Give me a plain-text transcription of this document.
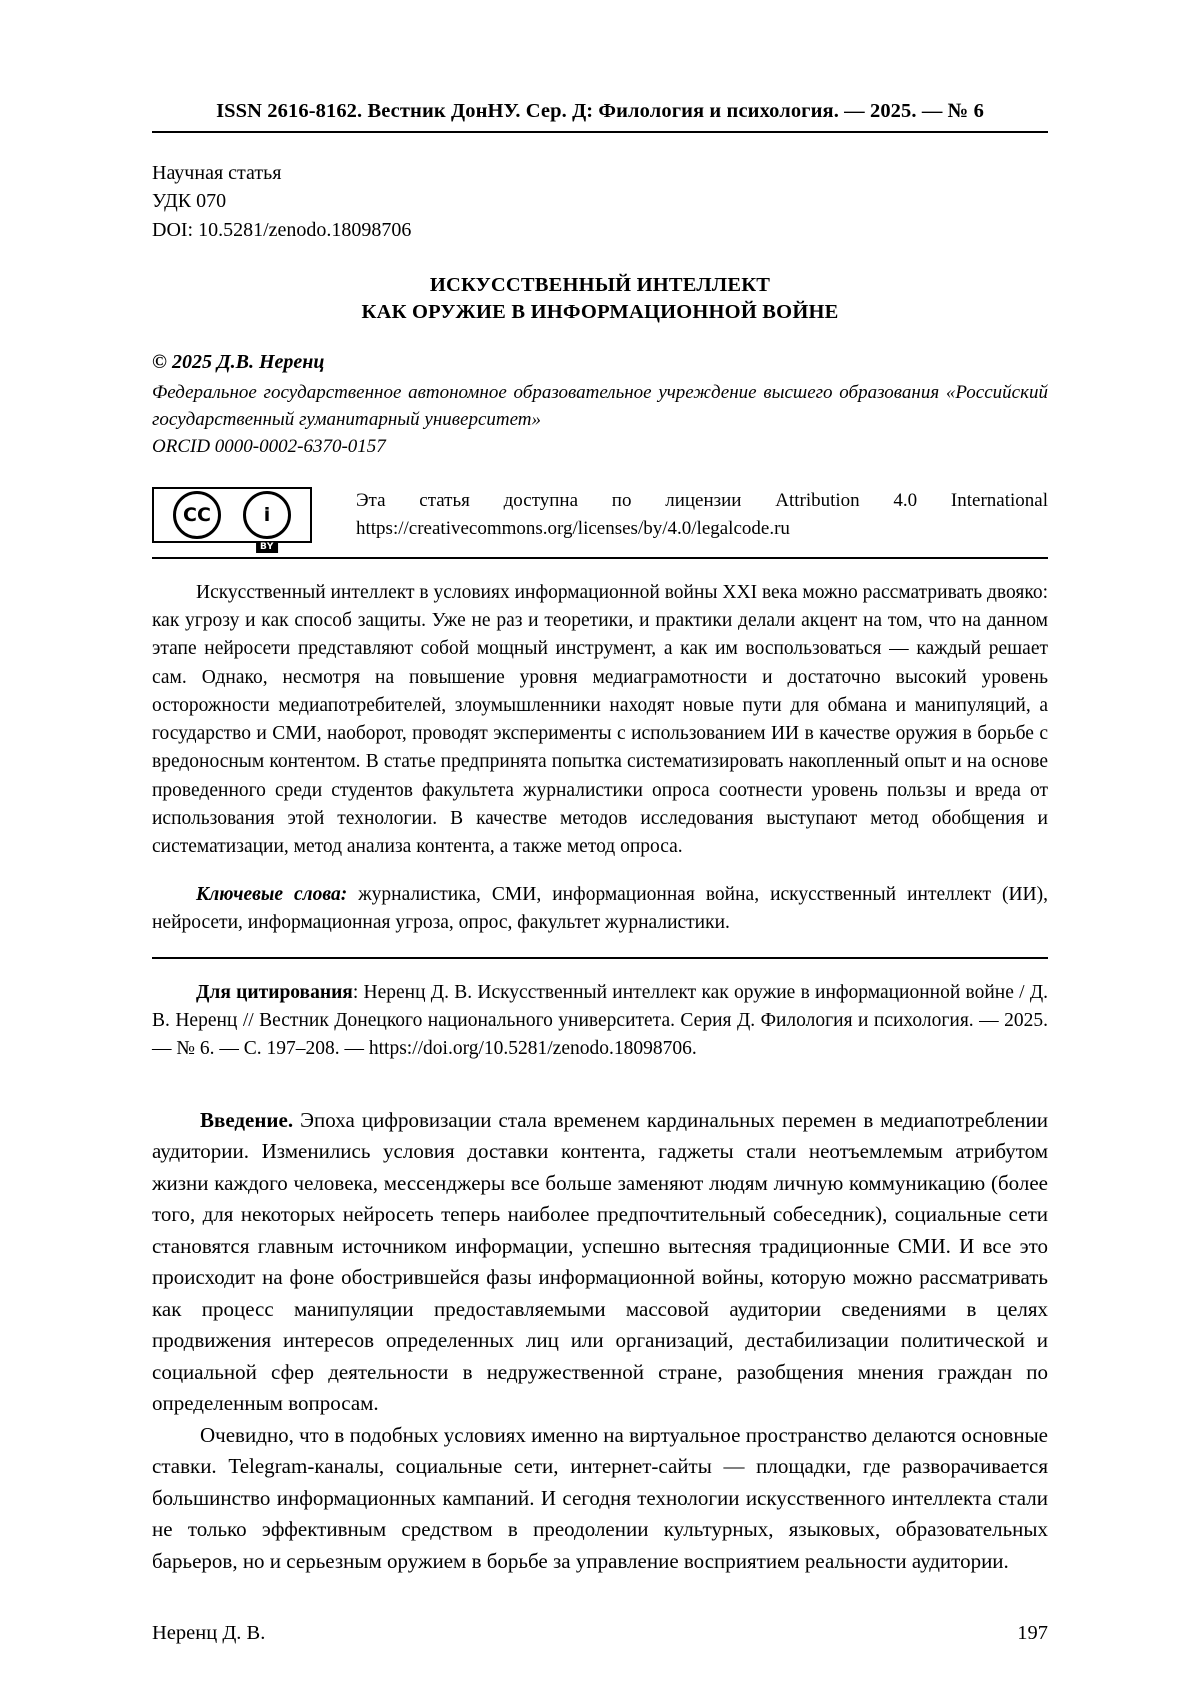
ISSN 2616-8162. Вестник ДонНУ. Сер. Д: Филология и психология. — 2025. — № 6
Научная статья
УДК 070
DOI: 10.5281/zenodo.18098706
ИСКУССТВЕННЫЙ ИНТЕЛЛЕКТ
КАК ОРУЖИЕ В ИНФОРМАЦИОННОЙ ВОЙНЕ
© 2025 Д.В. Неренц
Федеральное государственное автономное образовательное учреждение высшего образования «Российский государственный гуманитарный университет»
ORCID 0000-0002-6370-0157
CC	i
BY
Эта статья доступна по лицензии Attribution 4.0 International
https://creativecommons.org/licenses/by/4.0/legalcode.ru

Искусственный интеллект в условиях информационной войны XXI века можно рассматривать двояко: как угрозу и как способ защиты. Уже не раз и теоретики, и практики делали акцент на том, что на данном этапе нейросети представляют собой мощный инструмент, а как им воспользоваться — каждый решает сам. Однако, несмотря на повышение уровня медиаграмотности и достаточно высокий уровень осторожности медиапотребителей, злоумышленники находят новые пути для обмана и манипуляций, а государство и СМИ, наоборот, проводят эксперименты с использованием ИИ в качестве оружия в борьбе с вредоносным контентом. В статье предпринята попытка систематизировать накопленный опыт и на основе проведенного среди студентов факультета журналистики опроса соотнести уровень пользы и вреда от использования этой технологии. В качестве методов исследования выступают метод обобщения и систематизации, метод анализа контента, а также метод опроса.

Ключевые слова: журналистика, СМИ, информационная война, искусственный интеллект (ИИ), нейросети, информационная угроза, опрос, факультет журналистики.

Для цитирования: Неренц Д. В. Искусственный интеллект как оружие в информационной войне / Д. В. Неренц // Вестник Донецкого национального университета. Серия Д. Филология и психология. — 2025. — № 6. — С. 197–208. — https://doi.org/10.5281/zenodo.18098706.

Введение. Эпоха цифровизации стала временем кардинальных перемен в медиапотреблении аудитории. Изменились условия доставки контента, гаджеты стали неотъемлемым атрибутом жизни каждого человека, мессенджеры все больше заменяют людям личную коммуникацию (более того, для некоторых нейросеть теперь наиболее предпочтительный собеседник), социальные сети становятся главным источником информации, успешно вытесняя традиционные СМИ. И все это происходит на фоне обострившейся фазы информационной войны, которую можно рассматривать как процесс манипуляции предоставляемыми массовой аудитории сведениями в целях продвижения интересов определенных лиц или организаций, дестабилизации политической и социальной сфер деятельности в недружественной стране, разобщения мнения граждан по определенным вопросам.

Очевидно, что в подобных условиях именно на виртуальное пространство делаются основные ставки. Telegram-каналы, социальные сети, интернет-сайты — площадки, где разворачивается большинство информационных кампаний. И сегодня технологии искусственного интеллекта стали не только эффективным средством в преодолении культурных, языковых, образовательных барьеров, но и серьезным оружием в борьбе за управление восприятием реальности аудитории.

Неренц Д. В.	197
